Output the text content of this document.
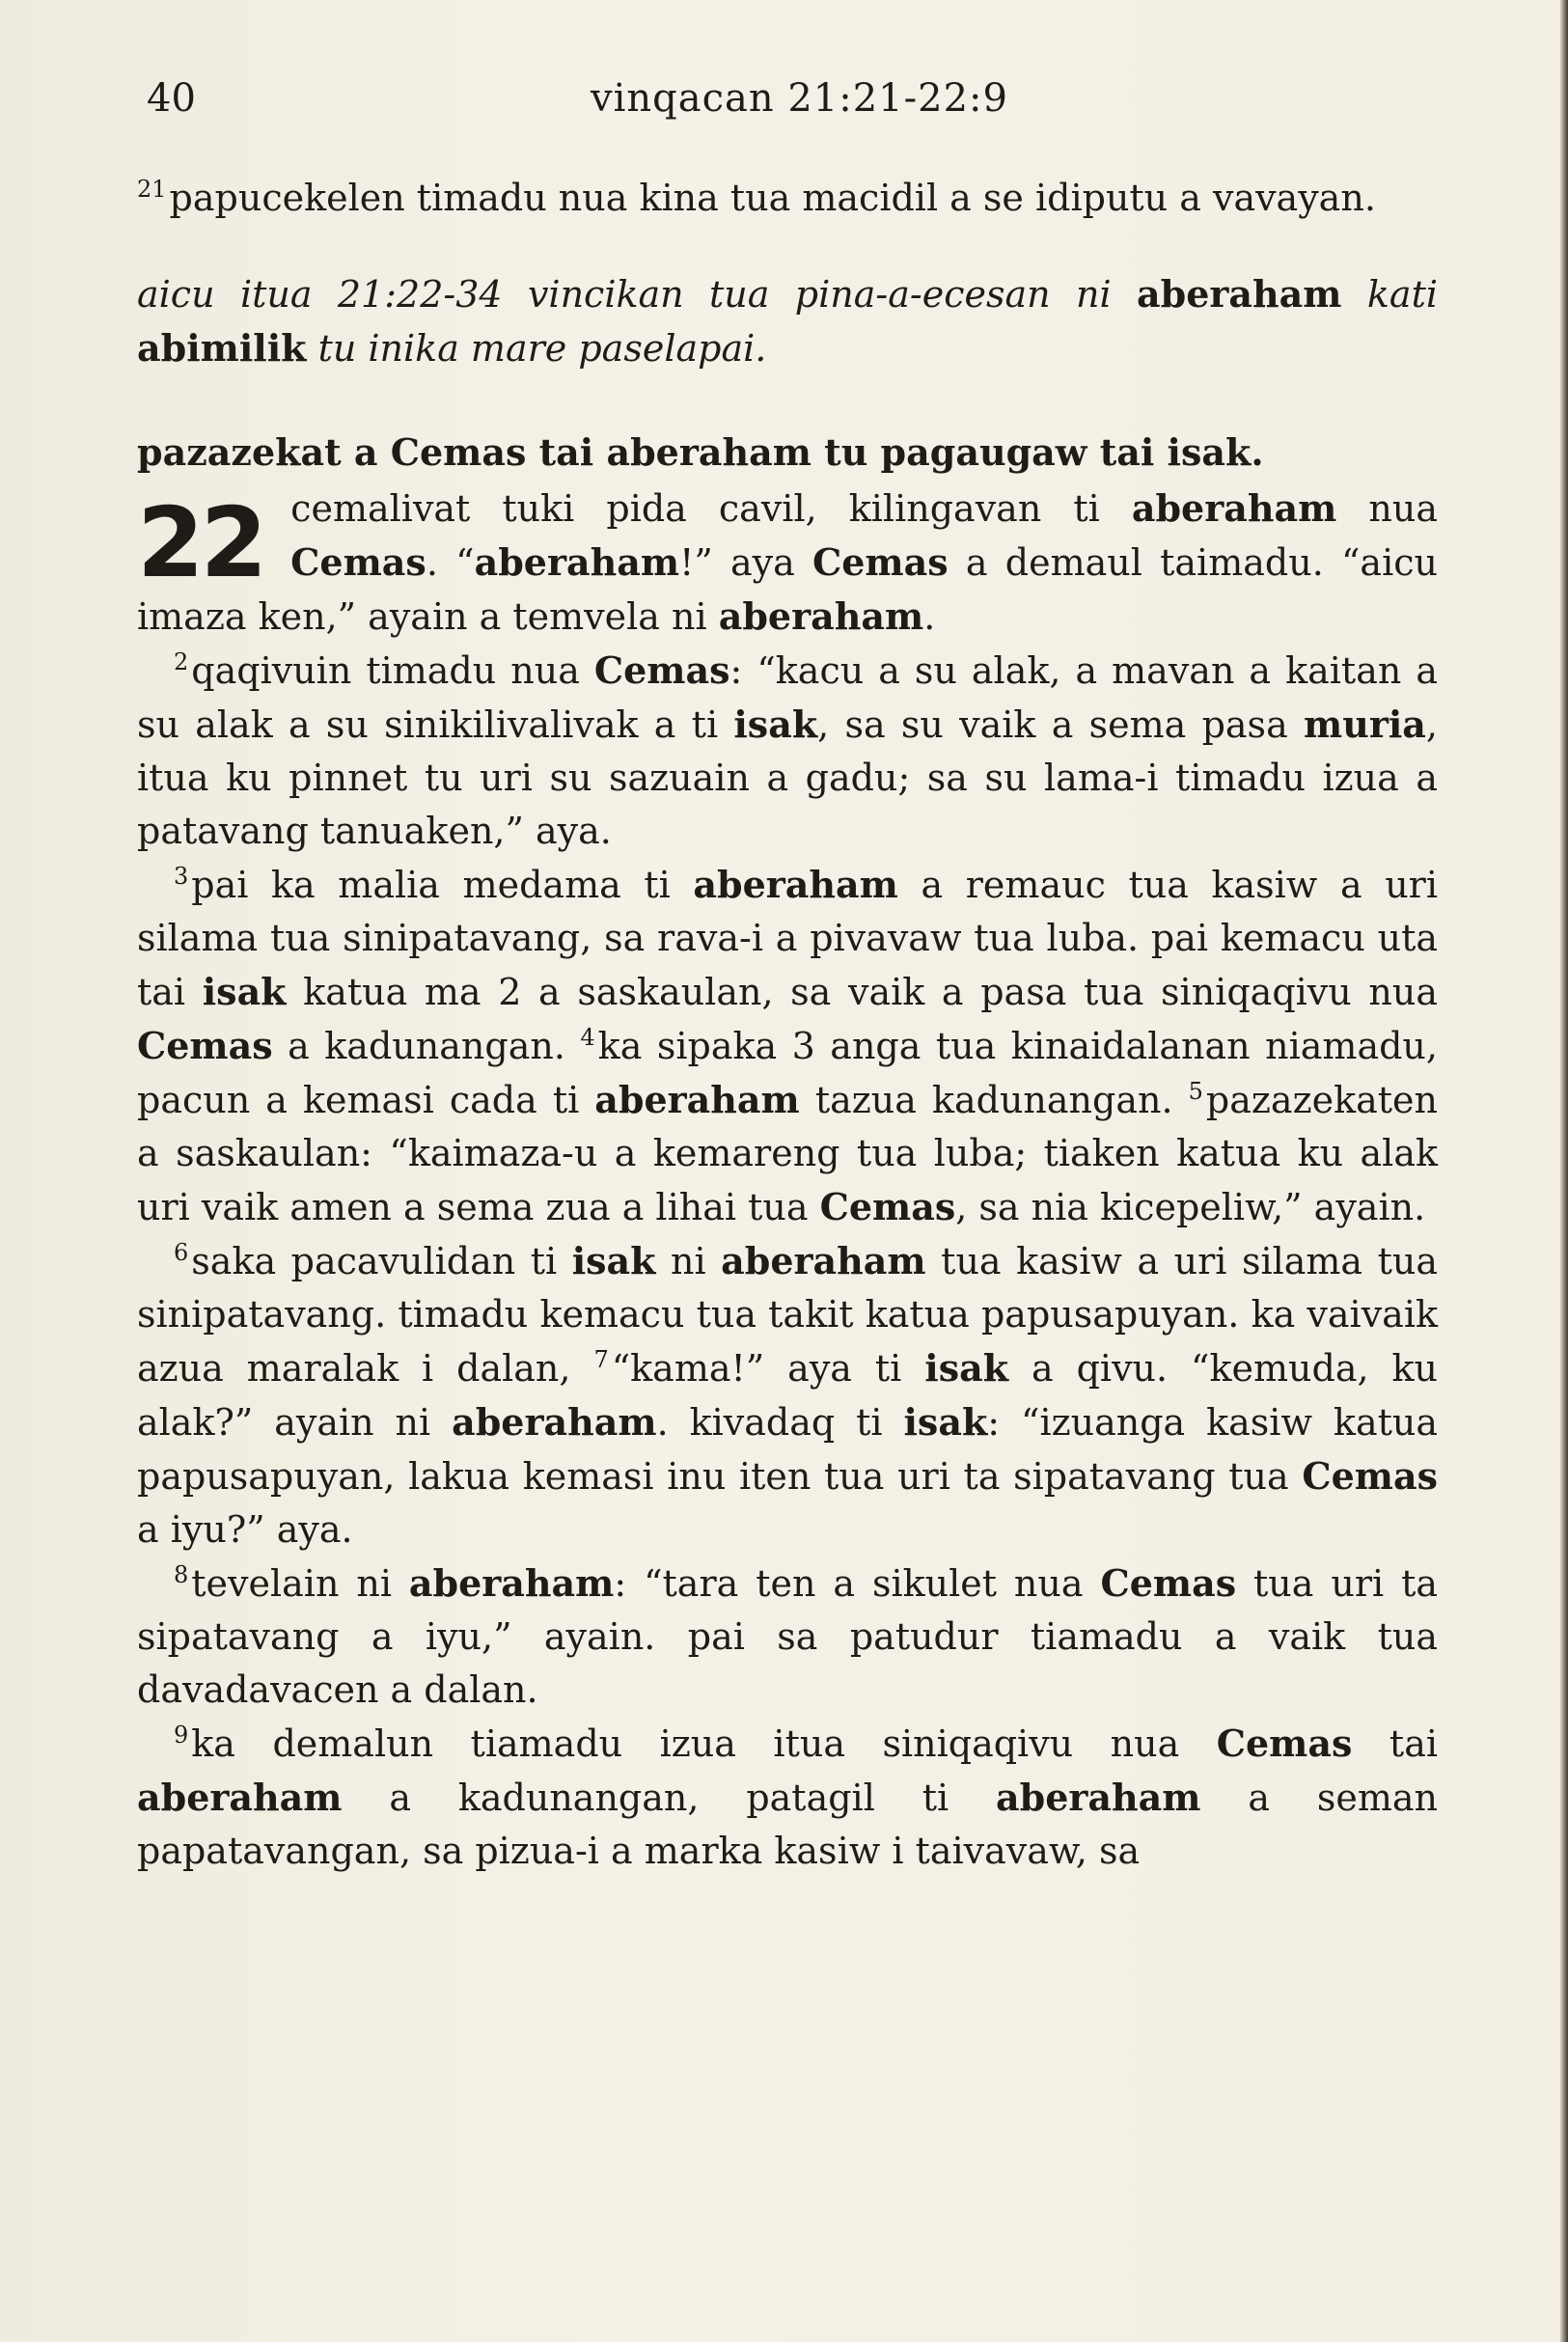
40	vinqacan 21:21-22:9

$^{21}$papucekelen timadu nua kina tua macidil a se idiputu a vavayan.

aicu itua 21:22-34 vincikan tua pina-a-ecesan ni aberaham kati abimilik tu inika mare paselapai.

pazazekat a Cemas tai aberaham tu pagaugaw tai isak.

22 cemalivat tuki pida cavil, kilingavan ti aberaham nua Cemas. “aberaham!” aya Cemas a demaul taimadu. “aicu imaza ken,” ayain a temvela ni aberaham.

$^2$qaqivuin timadu nua Cemas: “kacu a su alak, a mavan a kaitan a su alak a su sinikilivalivak a ti isak, sa su vaik a sema pasa muria, itua ku pinnet tu uri su sazuain a gadu; sa su lama-i timadu izua a patavang tanuaken,” aya.

$^3$pai ka malia medama ti aberaham a remauc tua kasiw a uri silama tua sinipatavang, sa rava-i a pivavaw tua luba. pai kemacu uta tai isak katua ma 2 a saskaulan, sa vaik a pasa tua siniqaqivu nua Cemas a kadunangan. $^4$ka sipaka 3 anga tua kinaidalanan niamadu, pacun a kemasi cada ti aberaham tazua kadunangan. $^5$pazazekaten a saskaulan: “kaimaza-u a kemareng tua luba; tiaken katua ku alak uri vaik amen a sema zua a lihai tua Cemas, sa nia kicepeliw,” ayain.

$^6$saka pacavulidan ti isak ni aberaham tua kasiw a uri silama tua sinipatavang. timadu kemacu tua takit katua papusapuyan. ka vaivaik azua maralak i dalan, $^7$“kama!” aya ti isak a qivu. “kemuda, ku alak?” ayain ni aberaham. kivadaq ti isak: “izuanga kasiw katua papusapuyan, lakua kemasi inu iten tua uri ta sipatavang tua Cemas a iyu?” aya.

$^8$tevelain ni aberaham: “tara ten a sikulet nua Cemas tua uri ta sipatavang a iyu,” ayain. pai sa patudur tiamadu a vaik tua davadavacen a dalan.

$^9$ka demalun tiamadu izua itua siniqaqivu nua Cemas tai aberaham a kadunangan, patagil ti aberaham a seman papatavangan, sa pizua-i a marka kasiw i taivavaw, sa
